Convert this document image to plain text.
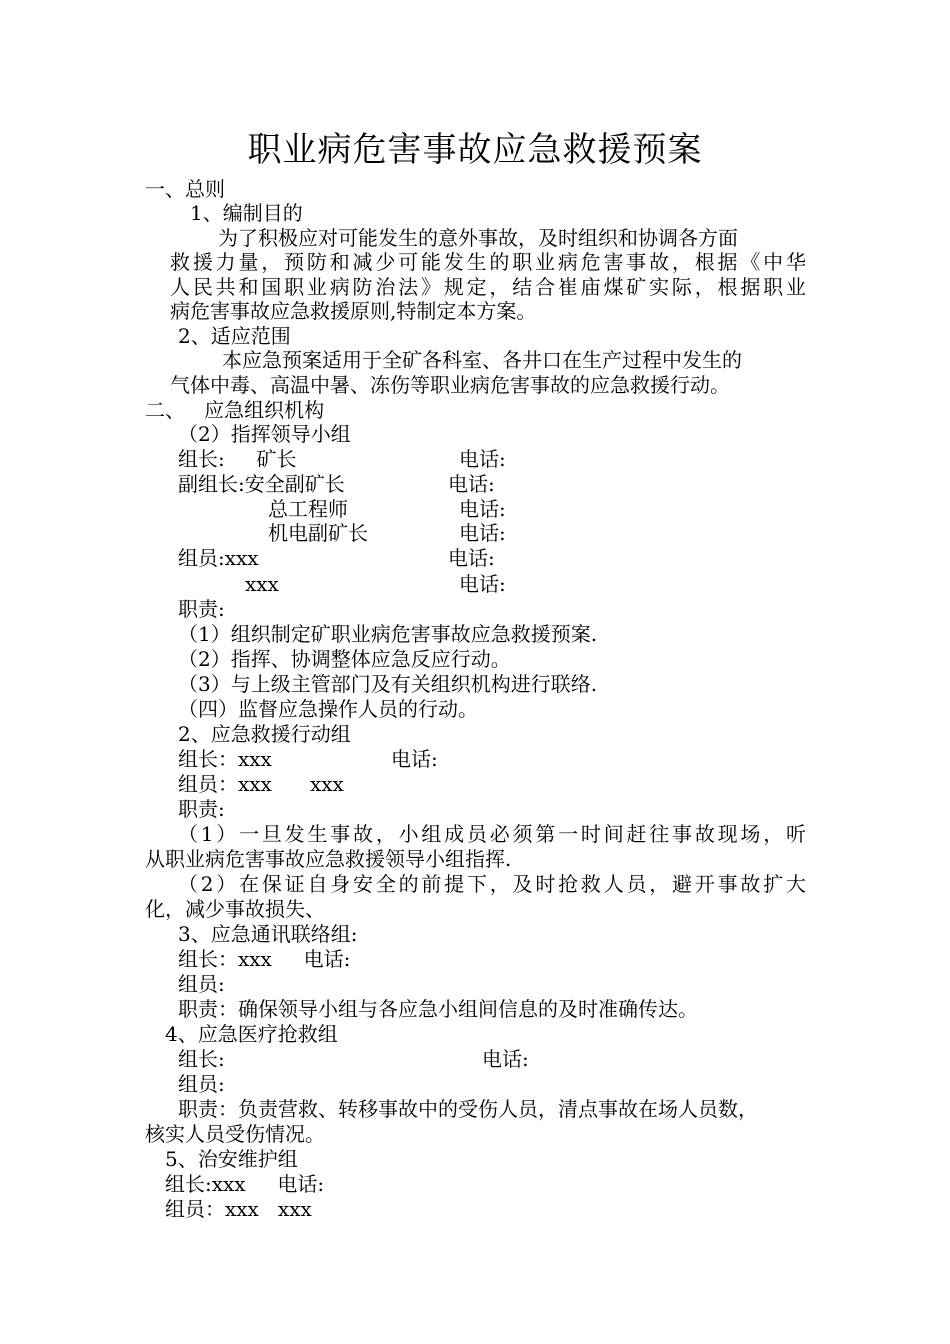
职业病危害事故应急救援预案
一、总则
1、编制目的
为了积极应对可能发生的意外事故，及时组织和协调各方面
救援力量，预防和减少可能发生的职业病危害事故，根据《中华
人民共和国职业病防治法》规定，结合崔庙煤矿实际，根据职业
病危害事故应急救援原则,特制定本方案。
2、适应范围
本应急预案适用于全矿各科室、各井口在生产过程中发生的
气体中毒、高温中暑、冻伤等职业病危害事故的应急救援行动。
二、   应急组织机构
（2）指挥领导小组
组长:     矿长	电话:
副组长:安全副矿长	电话:
总工程师	电话:
机电副矿长	电话:
组员:xxx	电话:
xxx	电话:
职责:
（1）组织制定矿职业病危害事故应急救援预案.
（2）指挥、协调整体应急反应行动。
（3）与上级主管部门及有关组织机构进行联络.
（四）监督应急操作人员的行动。
2、应急救援行动组
组长：xxx	电话:
组员：xxx      xxx
职责:
（1）一旦发生事故，小组成员必须第一时间赶往事故现场，听
从职业病危害事故应急救援领导小组指挥.
（2）在保证自身安全的前提下，及时抢救人员，避开事故扩大
化，减少事故损失、
3、应急通讯联络组:
组长：xxx     电话:
组员:
职责：确保领导小组与各应急小组间信息的及时准确传达。
4、应急医疗抢救组
组长:	电话:
组员:
职责：负责营救、转移事故中的受伤人员，清点事故在场人员数，
核实人员受伤情况。
5、治安维护组
组长:xxx     电话:
组员：xxx   xxx
